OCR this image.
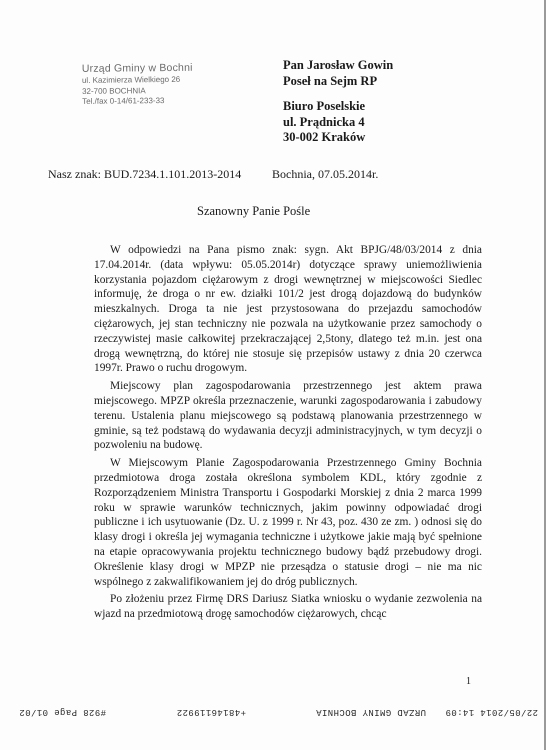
Urząd Gminy w Bochni
ul. Kazimierza Wielkiego 26
32-700 BOCHNIA
Tel./fax 0-14/61-233-33
Pan Jarosław Gowin
Poseł na Sejm RP
Biuro Poselskie
ul. Prądnicka 4
30-002 Kraków
Nasz znak: BUD.7234.1.101.2013-2014	Bochnia, 07.05.2014r.
Szanowny Panie Pośle

W odpowiedzi na Pana pismo znak: sygn. Akt BPJG/48/03/2014 z dnia 17.04.2014r. (data wpływu: 05.05.2014r) dotyczące sprawy uniemożliwienia korzystania pojazdom ciężarowym z drogi wewnętrznej w miejscowości Siedlec informuję, że droga o nr ew. działki 101/2 jest drogą dojazdową do budynków mieszkalnych. Droga ta nie jest przystosowana do przejazdu samochodów ciężarowych, jej stan techniczny nie pozwala na użytkowanie przez samochody o rzeczywistej masie całkowitej przekraczającej 2,5tony, dlatego też m.in. jest ona drogą wewnętrzną, do której nie stosuje się przepisów ustawy z dnia 20 czerwca 1997r. Prawo o ruchu drogowym.

Miejscowy plan zagospodarowania przestrzennego jest aktem prawa miejscowego. MPZP określa przeznaczenie, warunki zagospodarowania i zabudowy terenu. Ustalenia planu miejscowego są podstawą planowania przestrzennego w gminie, są też podstawą do wydawania decyzji administracyjnych, w tym decyzji o pozwoleniu na budowę.

W Miejscowym Planie Zagospodarowania Przestrzennego Gminy Bochnia przedmiotowa droga została określona symbolem KDL, który zgodnie z Rozporządzeniem Ministra Transportu i Gospodarki Morskiej z dnia 2 marca 1999 roku w sprawie warunków technicznych, jakim powinny odpowiadać drogi publiczne i ich usytuowanie (Dz. U. z 1999 r. Nr 43, poz. 430 ze zm. ) odnosi się do klasy drogi i określa jej wymagania techniczne i użytkowe jakie mają być spełnione na etapie opracowywania projektu technicznego budowy bądź przebudowy drogi. Określenie klasy drogi w MPZP nie przesądza o statusie drogi – nie ma nic wspólnego z zakwalifikowaniem jej do dróg publicznych.

Po złożeniu przez Firmę DRS Dariusz Siatka wniosku o wydanie zezwolenia na wjazd na przedmiotową drogę samochodów ciężarowych, chcąc

1
22/05/2014 14:09
URZAD GMINY BOCHNIA
+48146119922
#928 Page 01/02
